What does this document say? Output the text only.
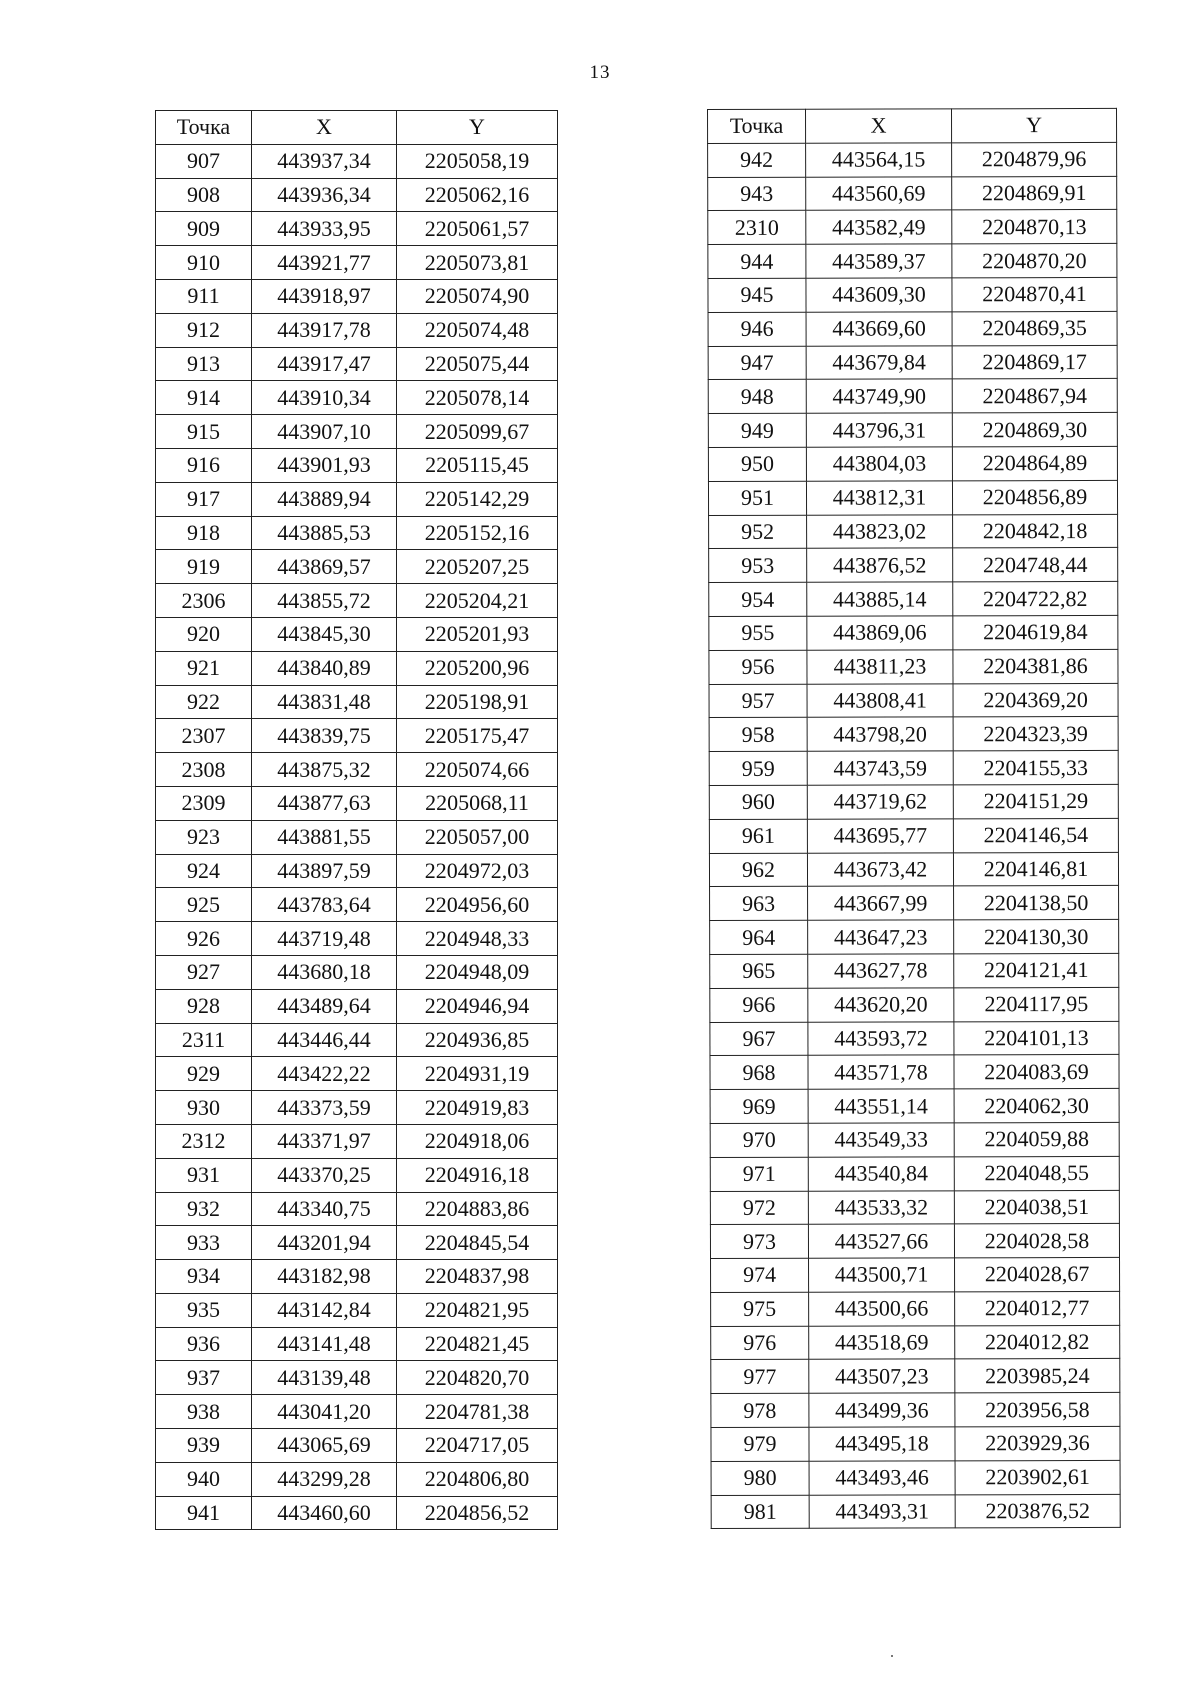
13
Точка	X	Y
907	443937,34	2205058,19
908	443936,34	2205062,16
909	443933,95	2205061,57
910	443921,77	2205073,81
911	443918,97	2205074,90
912	443917,78	2205074,48
913	443917,47	2205075,44
914	443910,34	2205078,14
915	443907,10	2205099,67
916	443901,93	2205115,45
917	443889,94	2205142,29
918	443885,53	2205152,16
919	443869,57	2205207,25
2306	443855,72	2205204,21
920	443845,30	2205201,93
921	443840,89	2205200,96
922	443831,48	2205198,91
2307	443839,75	2205175,47
2308	443875,32	2205074,66
2309	443877,63	2205068,11
923	443881,55	2205057,00
924	443897,59	2204972,03
925	443783,64	2204956,60
926	443719,48	2204948,33
927	443680,18	2204948,09
928	443489,64	2204946,94
2311	443446,44	2204936,85
929	443422,22	2204931,19
930	443373,59	2204919,83
2312	443371,97	2204918,06
931	443370,25	2204916,18
932	443340,75	2204883,86
933	443201,94	2204845,54
934	443182,98	2204837,98
935	443142,84	2204821,95
936	443141,48	2204821,45
937	443139,48	2204820,70
938	443041,20	2204781,38
939	443065,69	2204717,05
940	443299,28	2204806,80
941	443460,60	2204856,52
Точка	X	Y
942	443564,15	2204879,96
943	443560,69	2204869,91
2310	443582,49	2204870,13
944	443589,37	2204870,20
945	443609,30	2204870,41
946	443669,60	2204869,35
947	443679,84	2204869,17
948	443749,90	2204867,94
949	443796,31	2204869,30
950	443804,03	2204864,89
951	443812,31	2204856,89
952	443823,02	2204842,18
953	443876,52	2204748,44
954	443885,14	2204722,82
955	443869,06	2204619,84
956	443811,23	2204381,86
957	443808,41	2204369,20
958	443798,20	2204323,39
959	443743,59	2204155,33
960	443719,62	2204151,29
961	443695,77	2204146,54
962	443673,42	2204146,81
963	443667,99	2204138,50
964	443647,23	2204130,30
965	443627,78	2204121,41
966	443620,20	2204117,95
967	443593,72	2204101,13
968	443571,78	2204083,69
969	443551,14	2204062,30
970	443549,33	2204059,88
971	443540,84	2204048,55
972	443533,32	2204038,51
973	443527,66	2204028,58
974	443500,71	2204028,67
975	443500,66	2204012,77
976	443518,69	2204012,82
977	443507,23	2203985,24
978	443499,36	2203956,58
979	443495,18	2203929,36
980	443493,46	2203902,61
981	443493,31	2203876,52
